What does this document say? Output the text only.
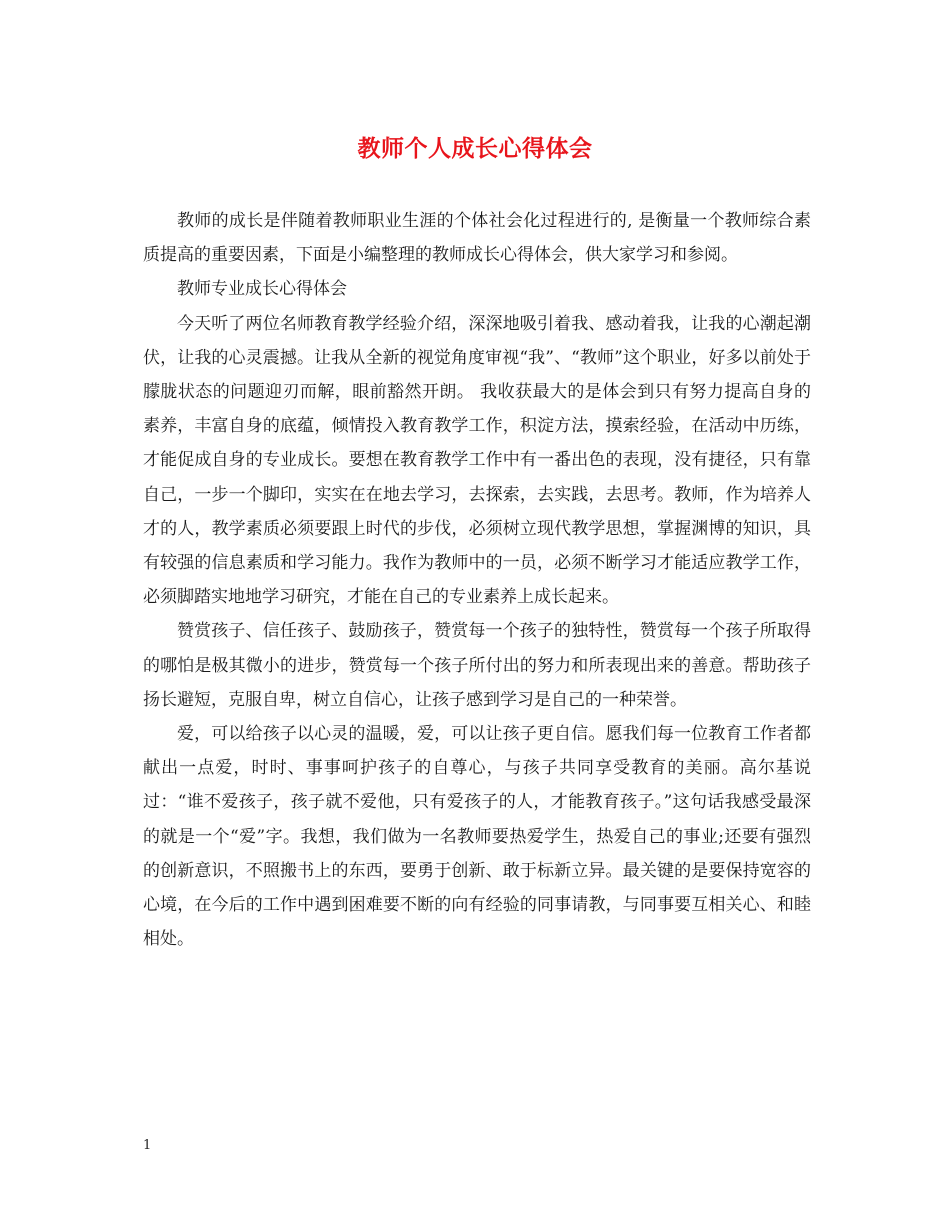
教师个人成长心得体会

教师的成长是伴随着教师职业生涯的个体社会化过程进行的, 是衡量一个教师综合素质提高的重要因素，下面是小编整理的教师成长心得体会，供大家学习和参阅。

教师专业成长心得体会

今天听了两位名师教育教学经验介绍，深深地吸引着我、感动着我，让我的心潮起潮伏，让我的心灵震撼。让我从全新的视觉角度审视“我”、“教师”这个职业，好多以前处于朦胧状态的问题迎刃而解，眼前豁然开朗。 我收获最大的是体会到只有努力提高自身的素养，丰富自身的底蕴，倾情投入教育教学工作，积淀方法，摸索经验，在活动中历练，才能促成自身的专业成长。要想在教育教学工作中有一番出色的表现，没有捷径，只有靠自己，一步一个脚印，实实在在地去学习，去探索，去实践，去思考。教师，作为培养人才的人，教学素质必须要跟上时代的步伐，必须树立现代教学思想，掌握渊博的知识，具有较强的信息素质和学习能力。我作为教师中的一员，必须不断学习才能适应教学工作，必须脚踏实地地学习研究，才能在自己的专业素养上成长起来。

赞赏孩子、信任孩子、鼓励孩子，赞赏每一个孩子的独特性，赞赏每一个孩子所取得的哪怕是极其微小的进步，赞赏每一个孩子所付出的努力和所表现出来的善意。帮助孩子扬长避短，克服自卑，树立自信心，让孩子感到学习是自己的一种荣誉。

爱，可以给孩子以心灵的温暖，爱，可以让孩子更自信。愿我们每一位教育工作者都献出一点爱，时时、事事呵护孩子的自尊心，与孩子共同享受教育的美丽。高尔基说过：“谁不爱孩子，孩子就不爱他，只有爱孩子的人，才能教育孩子。”这句话我感受最深的就是一个“爱”字。我想，我们做为一名教师要热爱学生，热爱自己的事业;还要有强烈的创新意识，不照搬书上的东西，要勇于创新、敢于标新立异。最关键的是要保持宽容的心境，在今后的工作中遇到困难要不断的向有经验的同事请教，与同事要互相关心、和睦相处。

1
